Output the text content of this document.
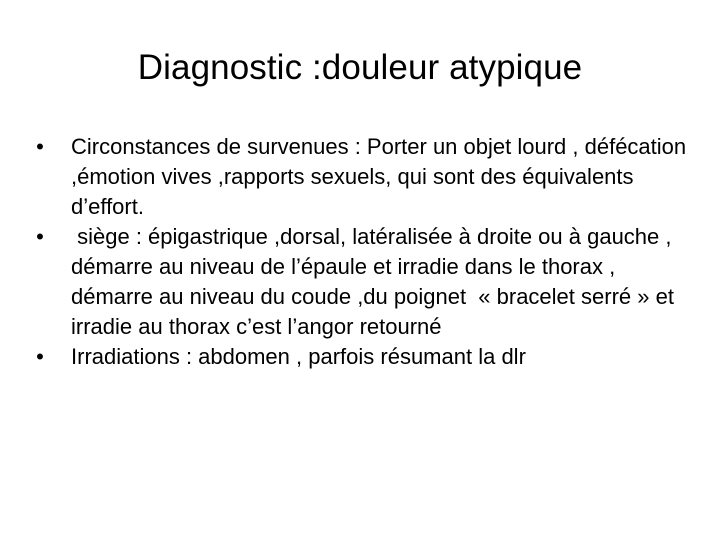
Diagnostic :douleur atypique
• Circonstances de survenues : Porter un objet lourd , défécation ,émotion vives ,rapports sexuels, qui sont des équivalents d’effort.
• siège : épigastrique ,dorsal, latéralisée à droite ou à gauche , démarre au niveau de l’épaule et irradie dans le thorax , démarre au niveau du coude ,du poignet  « bracelet serré » et irradie au thorax c’est l’angor retourné
• Irradiations : abdomen , parfois résumant la dlr
